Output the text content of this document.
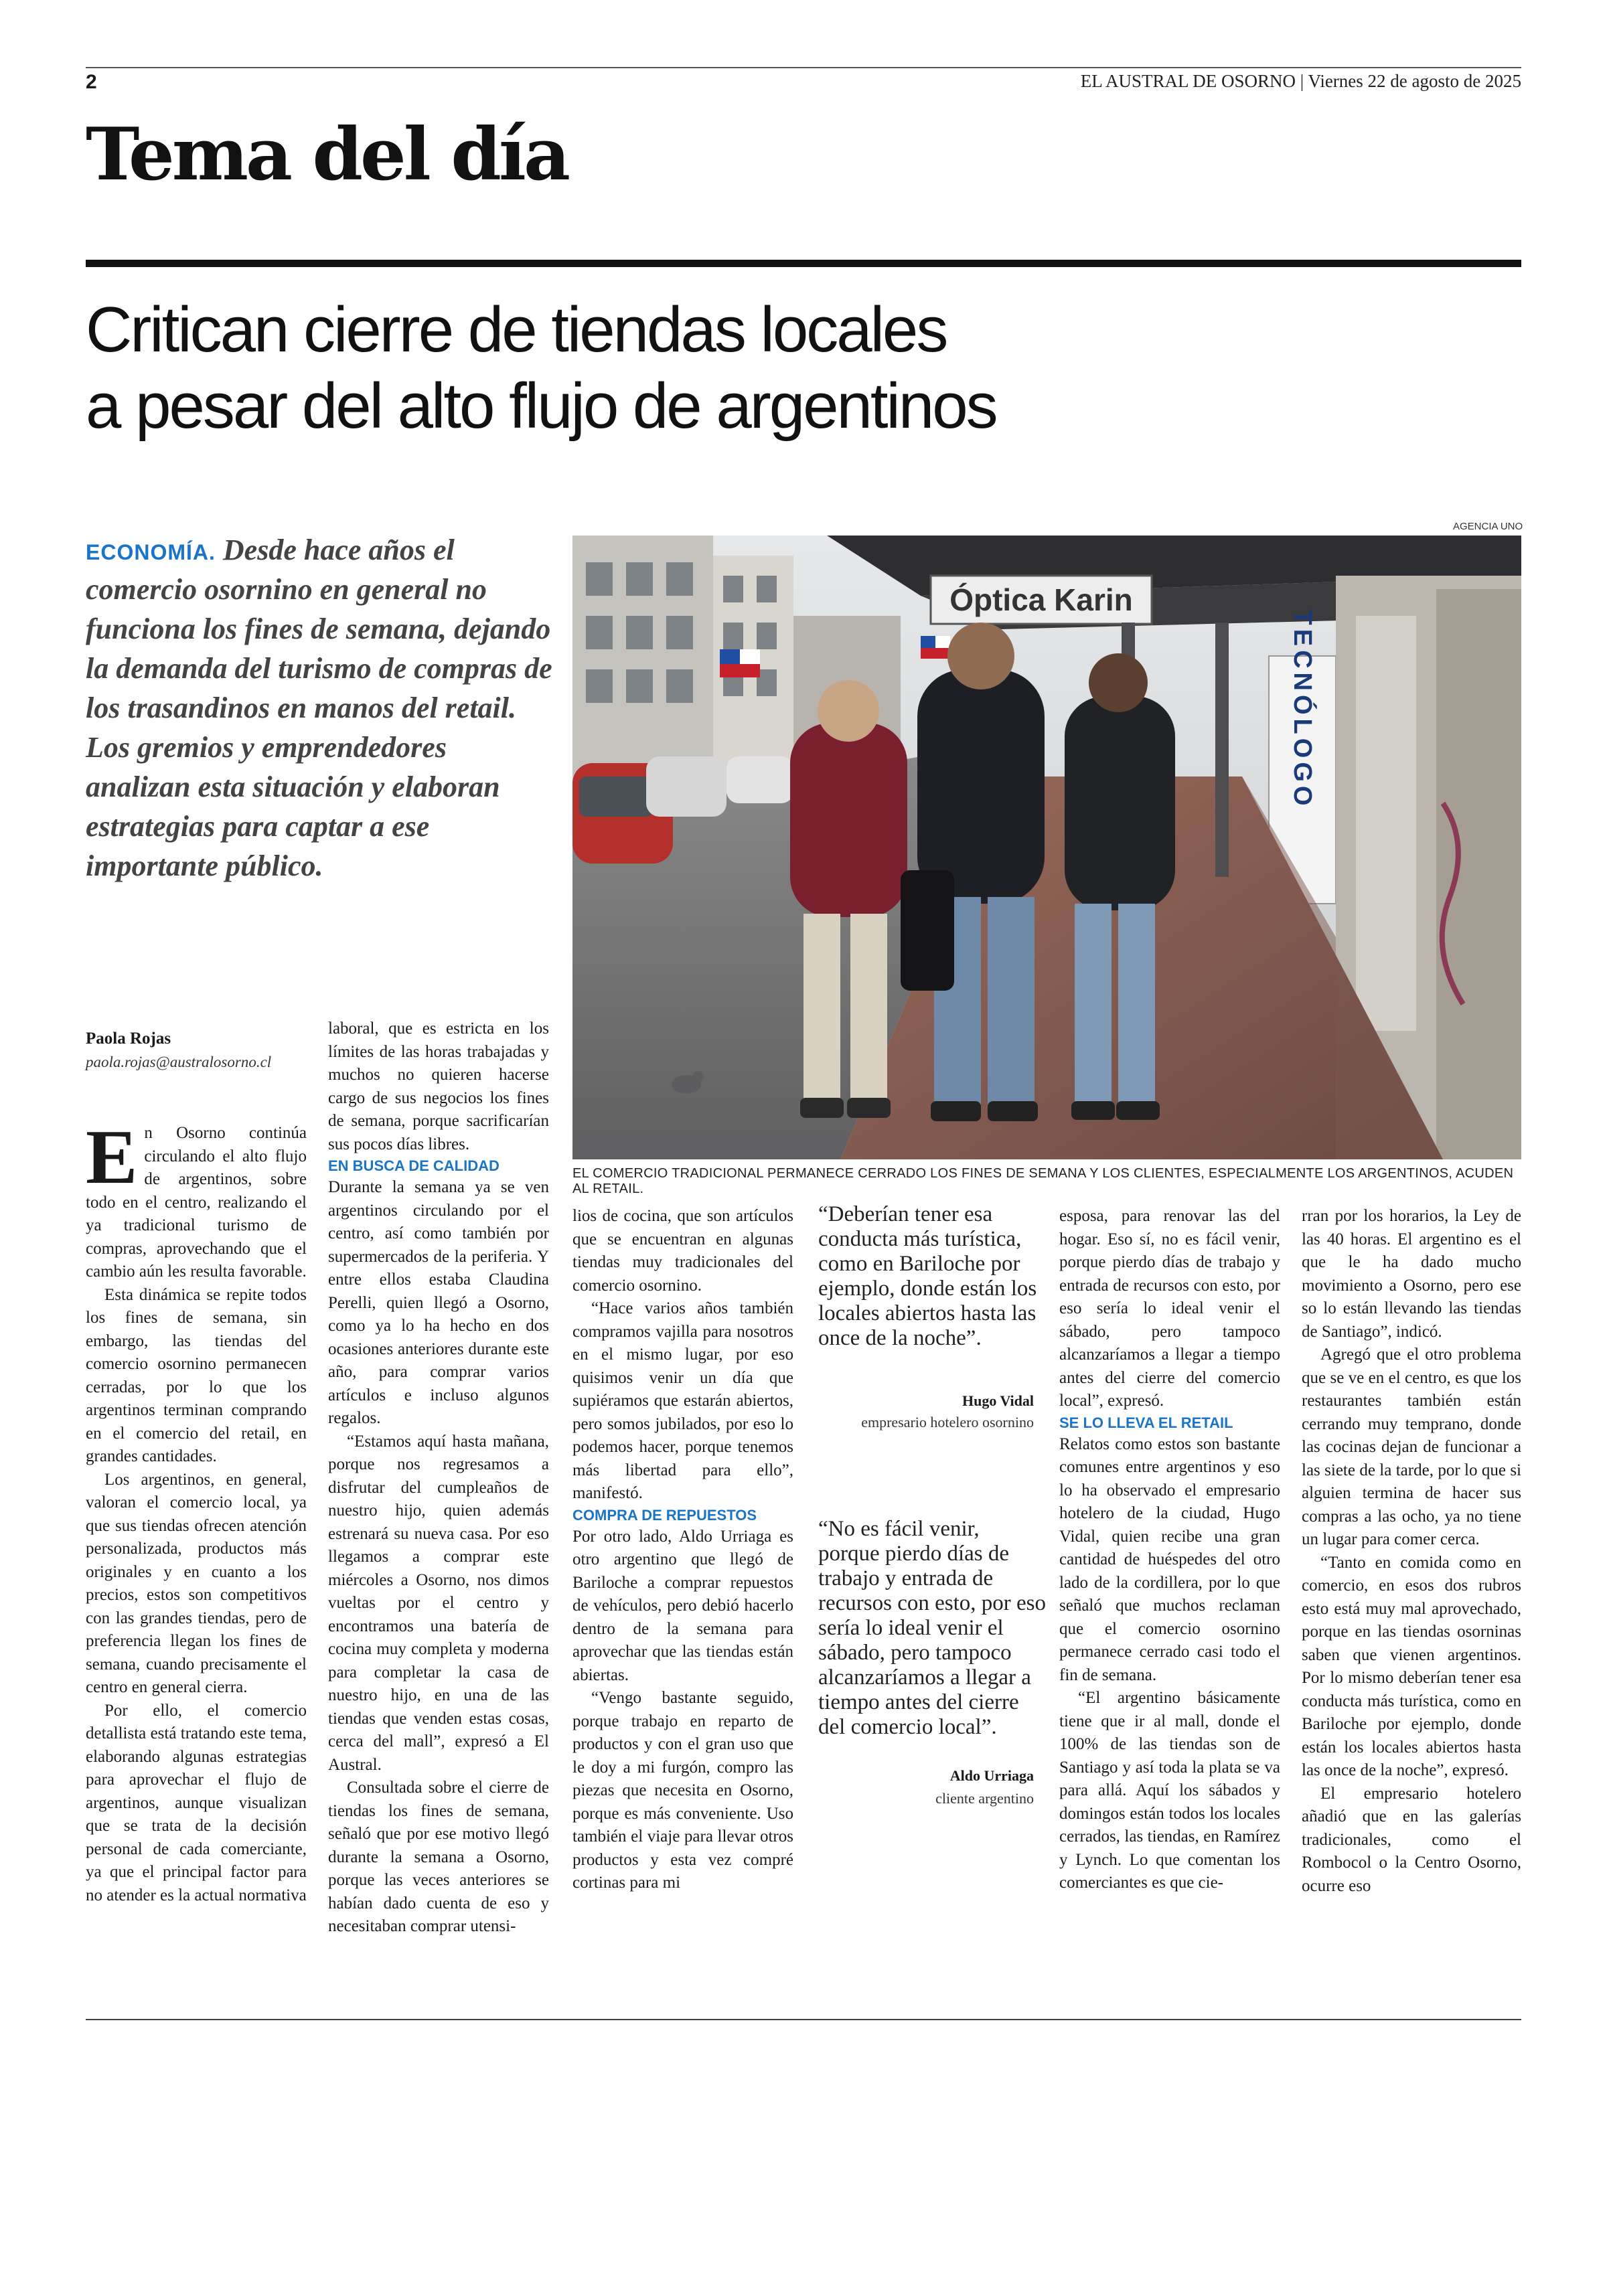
2	EL AUSTRAL DE OSORNO | Viernes 22 de agosto de 2025
Tema del día
Critican cierre de tiendas locales
a pesar del alto flujo de argentinos
ECONOMÍA. Desde hace años el comercio osornino en general no funciona los fines de semana, dejando la demanda del turismo de compras de los trasandinos en manos del retail. Los gremios y emprendedores analizan esta situación y elaboran estrategias para captar a ese importante público.
Paola Rojas
paola.rojas@australosorno.cl
AGENCIA UNO
Óptica Karin
TECNÓLOGO
EL COMERCIO TRADICIONAL PERMANECE CERRADO LOS FINES DE SEMANA Y LOS CLIENTES, ESPECIALMENTE LOS ARGENTINOS, ACUDEN AL RETAIL.

En Osorno continúa circulando el alto flujo de argentinos, sobre todo en el centro, realizando el ya tradicional turismo de compras, aprovechando que el cambio aún les resulta favorable.

Esta dinámica se repite todos los fines de semana, sin embargo, las tiendas del comercio osornino permanecen cerradas, por lo que los argentinos terminan comprando en el comercio del retail, en grandes cantidades.

Los argentinos, en general, valoran el comercio local, ya que sus tiendas ofrecen atención personalizada, productos más originales y en cuanto a los precios, estos son competitivos con las grandes tiendas, pero de preferencia llegan los fines de semana, cuando precisamente el centro en general cierra.

Por ello, el comercio detallista está tratando este tema, elaborando algunas estrategias para aprovechar el flujo de argentinos, aunque visualizan que se trata de la decisión personal de cada comerciante, ya que el principal factor para no atender es la actual normativa

laboral, que es estricta en los límites de las horas trabajadas y muchos no quieren hacerse cargo de sus negocios los fines de semana, porque sacrificarían sus pocos días libres.

EN BUSCA DE CALIDAD

Durante la semana ya se ven argentinos circulando por el centro, así como también por supermercados de la periferia. Y entre ellos estaba Claudina Perelli, quien llegó a Osorno, como ya lo ha hecho en dos ocasiones anteriores durante este año, para comprar varios artículos e incluso algunos regalos.

“Estamos aquí hasta mañana, porque nos regresamos a disfrutar del cumpleaños de nuestro hijo, quien además estrenará su nueva casa. Por eso llegamos a comprar este miércoles a Osorno, nos dimos vueltas por el centro y encontramos una batería de cocina muy completa y moderna para completar la casa de nuestro hijo, en una de las tiendas que venden estas cosas, cerca del mall”, expresó a El Austral.

Consultada sobre el cierre de tiendas los fines de semana, señaló que por ese motivo llegó durante la semana a Osorno, porque las veces anteriores se habían dado cuenta de eso y necesitaban comprar utensi-

lios de cocina, que son artículos que se encuentran en algunas tiendas muy tradicionales del comercio osornino.

“Hace varios años también compramos vajilla para nosotros en el mismo lugar, por eso quisimos venir un día que supiéramos que estarán abiertos, pero somos jubilados, por eso lo podemos hacer, porque tenemos más libertad para ello”, manifestó.

COMPRA DE REPUESTOS

Por otro lado, Aldo Urriaga es otro argentino que llegó de Bariloche a comprar repuestos de vehículos, pero debió hacerlo dentro de la semana para aprovechar que las tiendas están abiertas.

“Vengo bastante seguido, porque trabajo en reparto de productos y con el gran uso que le doy a mi furgón, compro las piezas que necesita en Osorno, porque es más conveniente. Uso también el viaje para llevar otros productos y esta vez compré cortinas para mi

“Deberían tener esa conducta más turística, como en Bariloche por ejemplo, donde están los locales abiertos hasta las once de la noche”.
Hugo Vidal
empresario hotelero osornino
“No es fácil venir, porque pierdo días de trabajo y entrada de recursos con esto, por eso sería lo ideal venir el sábado, pero tampoco alcanzaríamos a llegar a tiempo antes del cierre del comercio local”.
Aldo Urriaga
cliente argentino

esposa, para renovar las del hogar. Eso sí, no es fácil venir, porque pierdo días de trabajo y entrada de recursos con esto, por eso sería lo ideal venir el sábado, pero tampoco alcanzaríamos a llegar a tiempo antes del cierre del comercio local”, expresó.

SE LO LLEVA EL RETAIL

Relatos como estos son bastante comunes entre argentinos y eso lo ha observado el empresario hotelero de la ciudad, Hugo Vidal, quien recibe una gran cantidad de huéspedes del otro lado de la cordillera, por lo que señaló que muchos reclaman que el comercio osornino permanece cerrado casi todo el fin de semana.

“El argentino básicamente tiene que ir al mall, donde el 100% de las tiendas son de Santiago y así toda la plata se va para allá. Aquí los sábados y domingos están todos los locales cerrados, las tiendas, en Ramírez y Lynch. Lo que comentan los comerciantes es que cie-

rran por los horarios, la Ley de las 40 horas. El argentino es el que le ha dado mucho movimiento a Osorno, pero ese so lo están llevando las tiendas de Santiago”, indicó.

Agregó que el otro problema que se ve en el centro, es que los restaurantes también están cerrando muy temprano, donde las cocinas dejan de funcionar a las siete de la tarde, por lo que si alguien termina de hacer sus compras a las ocho, ya no tiene un lugar para comer cerca.

“Tanto en comida como en comercio, en esos dos rubros esto está muy mal aprovechado, porque en las tiendas osorninas saben que vienen argentinos. Por lo mismo deberían tener esa conducta más turística, como en Bariloche por ejemplo, donde están los locales abiertos hasta las once de la noche”, expresó.

El empresario hotelero añadió que en las galerías tradicionales, como el Rombocol o la Centro Osorno, ocurre eso
